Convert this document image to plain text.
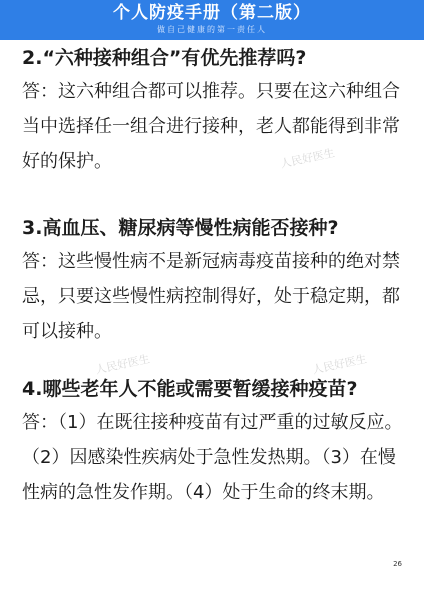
个人防疫手册（第二版）
做自己健康的第一责任人

2.“六种接种组合”有优先推荐吗?

答：这六种组合都可以推荐。只要在这六种组合当中选择任一组合进行接种，老人都能得到非常好的保护。

3.高血压、糖尿病等慢性病能否接种?

答：这些慢性病不是新冠病毒疫苗接种的绝对禁忌，只要这些慢性病控制得好，处于稳定期，都可以接种。

4.哪些老年人不能或需要暂缓接种疫苗?

答：（1）在既往接种疫苗有过严重的过敏反应。（2）因感染性疾病处于急性发热期。（3）在慢性病的急性发作期。（4）处于生命的终末期。

人民好医生
人民好医生	人民好医生
26
